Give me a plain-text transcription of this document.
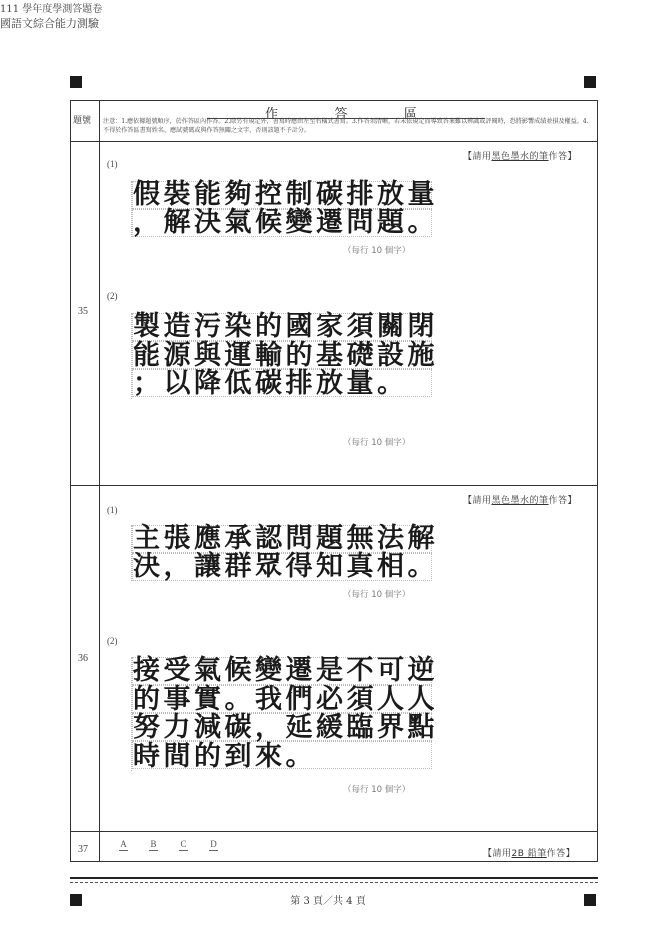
111 學年度學測答題卷
國語文綜合能力測驗
題號	作	答	區
注意：1.應依據題號順序，於作答區內作答。2.除另有規定外，書寫時應由左至右橫式書寫。3.作答須清晰，若未依規定而導致答案難以辨識或評閱時，恐將影響成績並損及權益。4.不得於作答區書寫姓名、應試號碼或與作答無關之文字，否則該題不予計分。
35
【請用黑色墨水的筆作答】
(1)
假裝能夠控制碳排放量
，解決氣候變遷問題。
（每行 10 個字）
(2)
製造污染的國家須關閉
能源與運輸的基礎設施
；以降低碳排放量。
（每行 10 個字）
36
【請用黑色墨水的筆作答】
(1)
主張應承認問題無法解
決，讓群眾得知真相。
（每行 10 個字）
(2)
接受氣候變遷是不可逆
的事實。我們必須人人
努力減碳，延緩臨界點
時間的到來。
（每行 10 個字）
37	A	B	C	D
【請用2B 鉛筆作答】
第 3 頁／共 4 頁
